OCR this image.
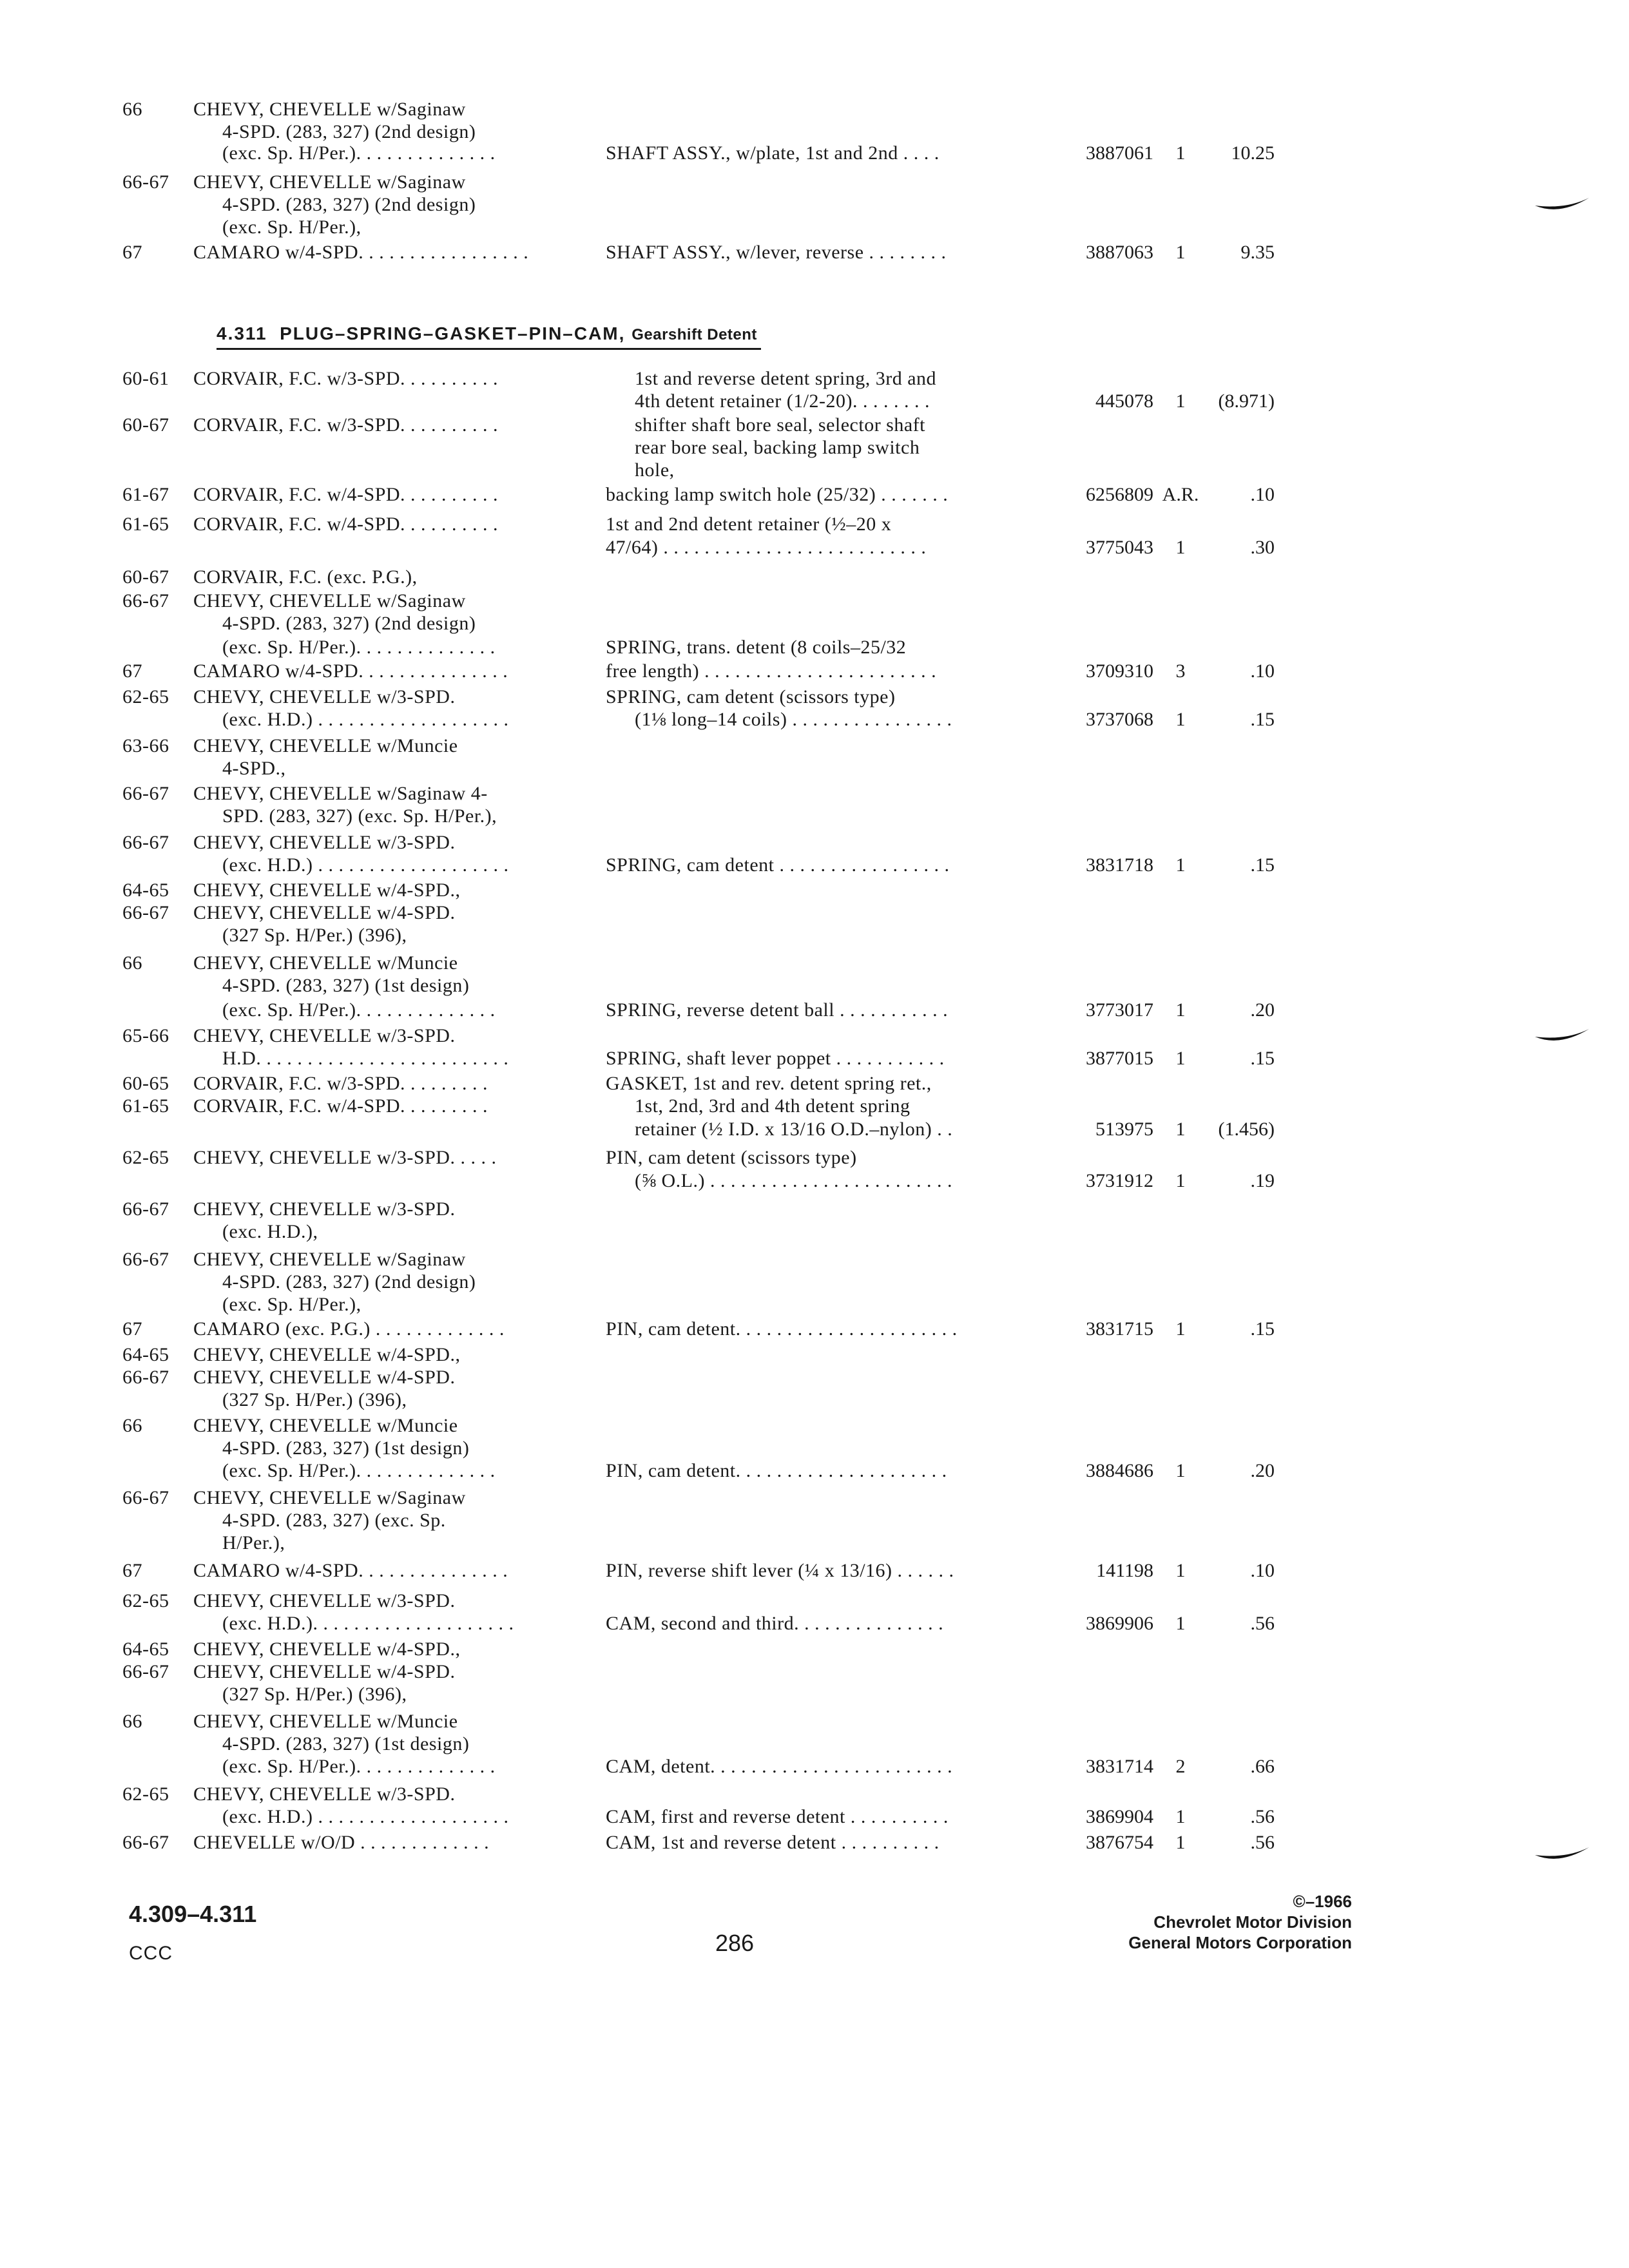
66	CHEVY, CHEVELLE w/Saginaw
4-SPD. (283, 327) (2nd design)
(exc. Sp. H/Per.). . . . . . . . . . . . . .	SHAFT ASSY., w/plate, 1st and 2nd . . . .	3887061	1	10.25
66-67	CHEVY, CHEVELLE w/Saginaw
4-SPD. (283, 327) (2nd design)
(exc. Sp. H/Per.),
67	CAMARO w/4-SPD. . . . . . . . . . . . . . . . .	SHAFT ASSY., w/lever, reverse . . . . . . . .	3887063	1	9.35
60-61	CORVAIR, F.C. w/3-SPD. . . . . . . . . .	1st and reverse detent spring, 3rd and
4th detent retainer (1/2-20). . . . . . . .	445078	1	(8.971)
60-67	CORVAIR, F.C. w/3-SPD. . . . . . . . . .	shifter shaft bore seal, selector shaft
rear bore seal, backing lamp switch
hole,
61-67	CORVAIR, F.C. w/4-SPD. . . . . . . . . .	backing lamp switch hole (25/32) . . . . . . .	6256809 A.R.	.10
61-65	CORVAIR, F.C. w/4-SPD. . . . . . . . . .	1st and 2nd detent retainer (½–20 x
47/64) . . . . . . . . . . . . . . . . . . . . . . . . . .	3775043	1	.30
60-67	CORVAIR, F.C. (exc. P.G.),
66-67	CHEVY, CHEVELLE w/Saginaw
4-SPD. (283, 327) (2nd design)
(exc. Sp. H/Per.). . . . . . . . . . . . . .	SPRING, trans. detent (8 coils–25/32
67	CAMARO w/4-SPD. . . . . . . . . . . . . . .	free length) . . . . . . . . . . . . . . . . . . . . . . .	3709310	3	.10
62-65	CHEVY, CHEVELLE w/3-SPD.	SPRING, cam detent (scissors type)
(exc. H.D.) . . . . . . . . . . . . . . . . . . .	(1⅛ long–14 coils) . . . . . . . . . . . . . . . .	3737068	1	.15
63-66	CHEVY, CHEVELLE w/Muncie
4-SPD.,
66-67	CHEVY, CHEVELLE w/Saginaw 4-
SPD. (283, 327) (exc. Sp. H/Per.),
66-67	CHEVY, CHEVELLE w/3-SPD.
(exc. H.D.) . . . . . . . . . . . . . . . . . . .	SPRING, cam detent . . . . . . . . . . . . . . . . .	3831718	1	.15
64-65	CHEVY, CHEVELLE w/4-SPD.,
66-67	CHEVY, CHEVELLE w/4-SPD.
(327 Sp. H/Per.) (396),
66	CHEVY, CHEVELLE w/Muncie
4-SPD. (283, 327) (1st design)
(exc. Sp. H/Per.). . . . . . . . . . . . . .	SPRING, reverse detent ball . . . . . . . . . . .	3773017	1	.20
65-66	CHEVY, CHEVELLE w/3-SPD.
H.D. . . . . . . . . . . . . . . . . . . . . . . . .	SPRING, shaft lever poppet . . . . . . . . . . .	3877015	1	.15
60-65	CORVAIR, F.C. w/3-SPD. . . . . . . . .	GASKET, 1st and rev. detent spring ret.,
61-65	CORVAIR, F.C. w/4-SPD. . . . . . . . .	1st, 2nd, 3rd and 4th detent spring
retainer (½ I.D. x 13/16 O.D.–nylon) . .	513975	1	(1.456)
62-65	CHEVY, CHEVELLE w/3-SPD. . . . .	PIN, cam detent (scissors type)
(⅝ O.L.) . . . . . . . . . . . . . . . . . . . . . . . .	3731912	1	.19
66-67	CHEVY, CHEVELLE w/3-SPD.
(exc. H.D.),
66-67	CHEVY, CHEVELLE w/Saginaw
4-SPD. (283, 327) (2nd design)
(exc. Sp. H/Per.),
67	CAMARO (exc. P.G.) . . . . . . . . . . . . .	PIN, cam detent. . . . . . . . . . . . . . . . . . . . . .	3831715	1	.15
64-65	CHEVY, CHEVELLE w/4-SPD.,
66-67	CHEVY, CHEVELLE w/4-SPD.
(327 Sp. H/Per.) (396),
66	CHEVY, CHEVELLE w/Muncie
4-SPD. (283, 327) (1st design)
(exc. Sp. H/Per.). . . . . . . . . . . . . .	PIN, cam detent. . . . . . . . . . . . . . . . . . . . .	3884686	1	.20
66-67	CHEVY, CHEVELLE w/Saginaw
4-SPD. (283, 327) (exc. Sp.
H/Per.),
67	CAMARO w/4-SPD. . . . . . . . . . . . . . .	PIN, reverse shift lever (¼ x 13/16) . . . . . .	141198	1	.10
62-65	CHEVY, CHEVELLE w/3-SPD.
(exc. H.D.). . . . . . . . . . . . . . . . . . . .	CAM, second and third. . . . . . . . . . . . . . .	3869906	1	.56
64-65	CHEVY, CHEVELLE w/4-SPD.,
66-67	CHEVY, CHEVELLE w/4-SPD.
(327 Sp. H/Per.) (396),
66	CHEVY, CHEVELLE w/Muncie
4-SPD. (283, 327) (1st design)
(exc. Sp. H/Per.). . . . . . . . . . . . . .	CAM, detent. . . . . . . . . . . . . . . . . . . . . . . .	3831714	2	.66
62-65	CHEVY, CHEVELLE w/3-SPD.
(exc. H.D.) . . . . . . . . . . . . . . . . . . .	CAM, first and reverse detent . . . . . . . . . .	3869904	1	.56
66-67	CHEVELLE w/O/D . . . . . . . . . . . . .	CAM, 1st and reverse detent . . . . . . . . . .	3876754	1	.56
4.311 PLUG–SPRING–GASKET–PIN–CAM, Gearshift Detent
4.309–4.311
CCC	286
©–1966
Chevrolet Motor Division
General Motors Corporation
